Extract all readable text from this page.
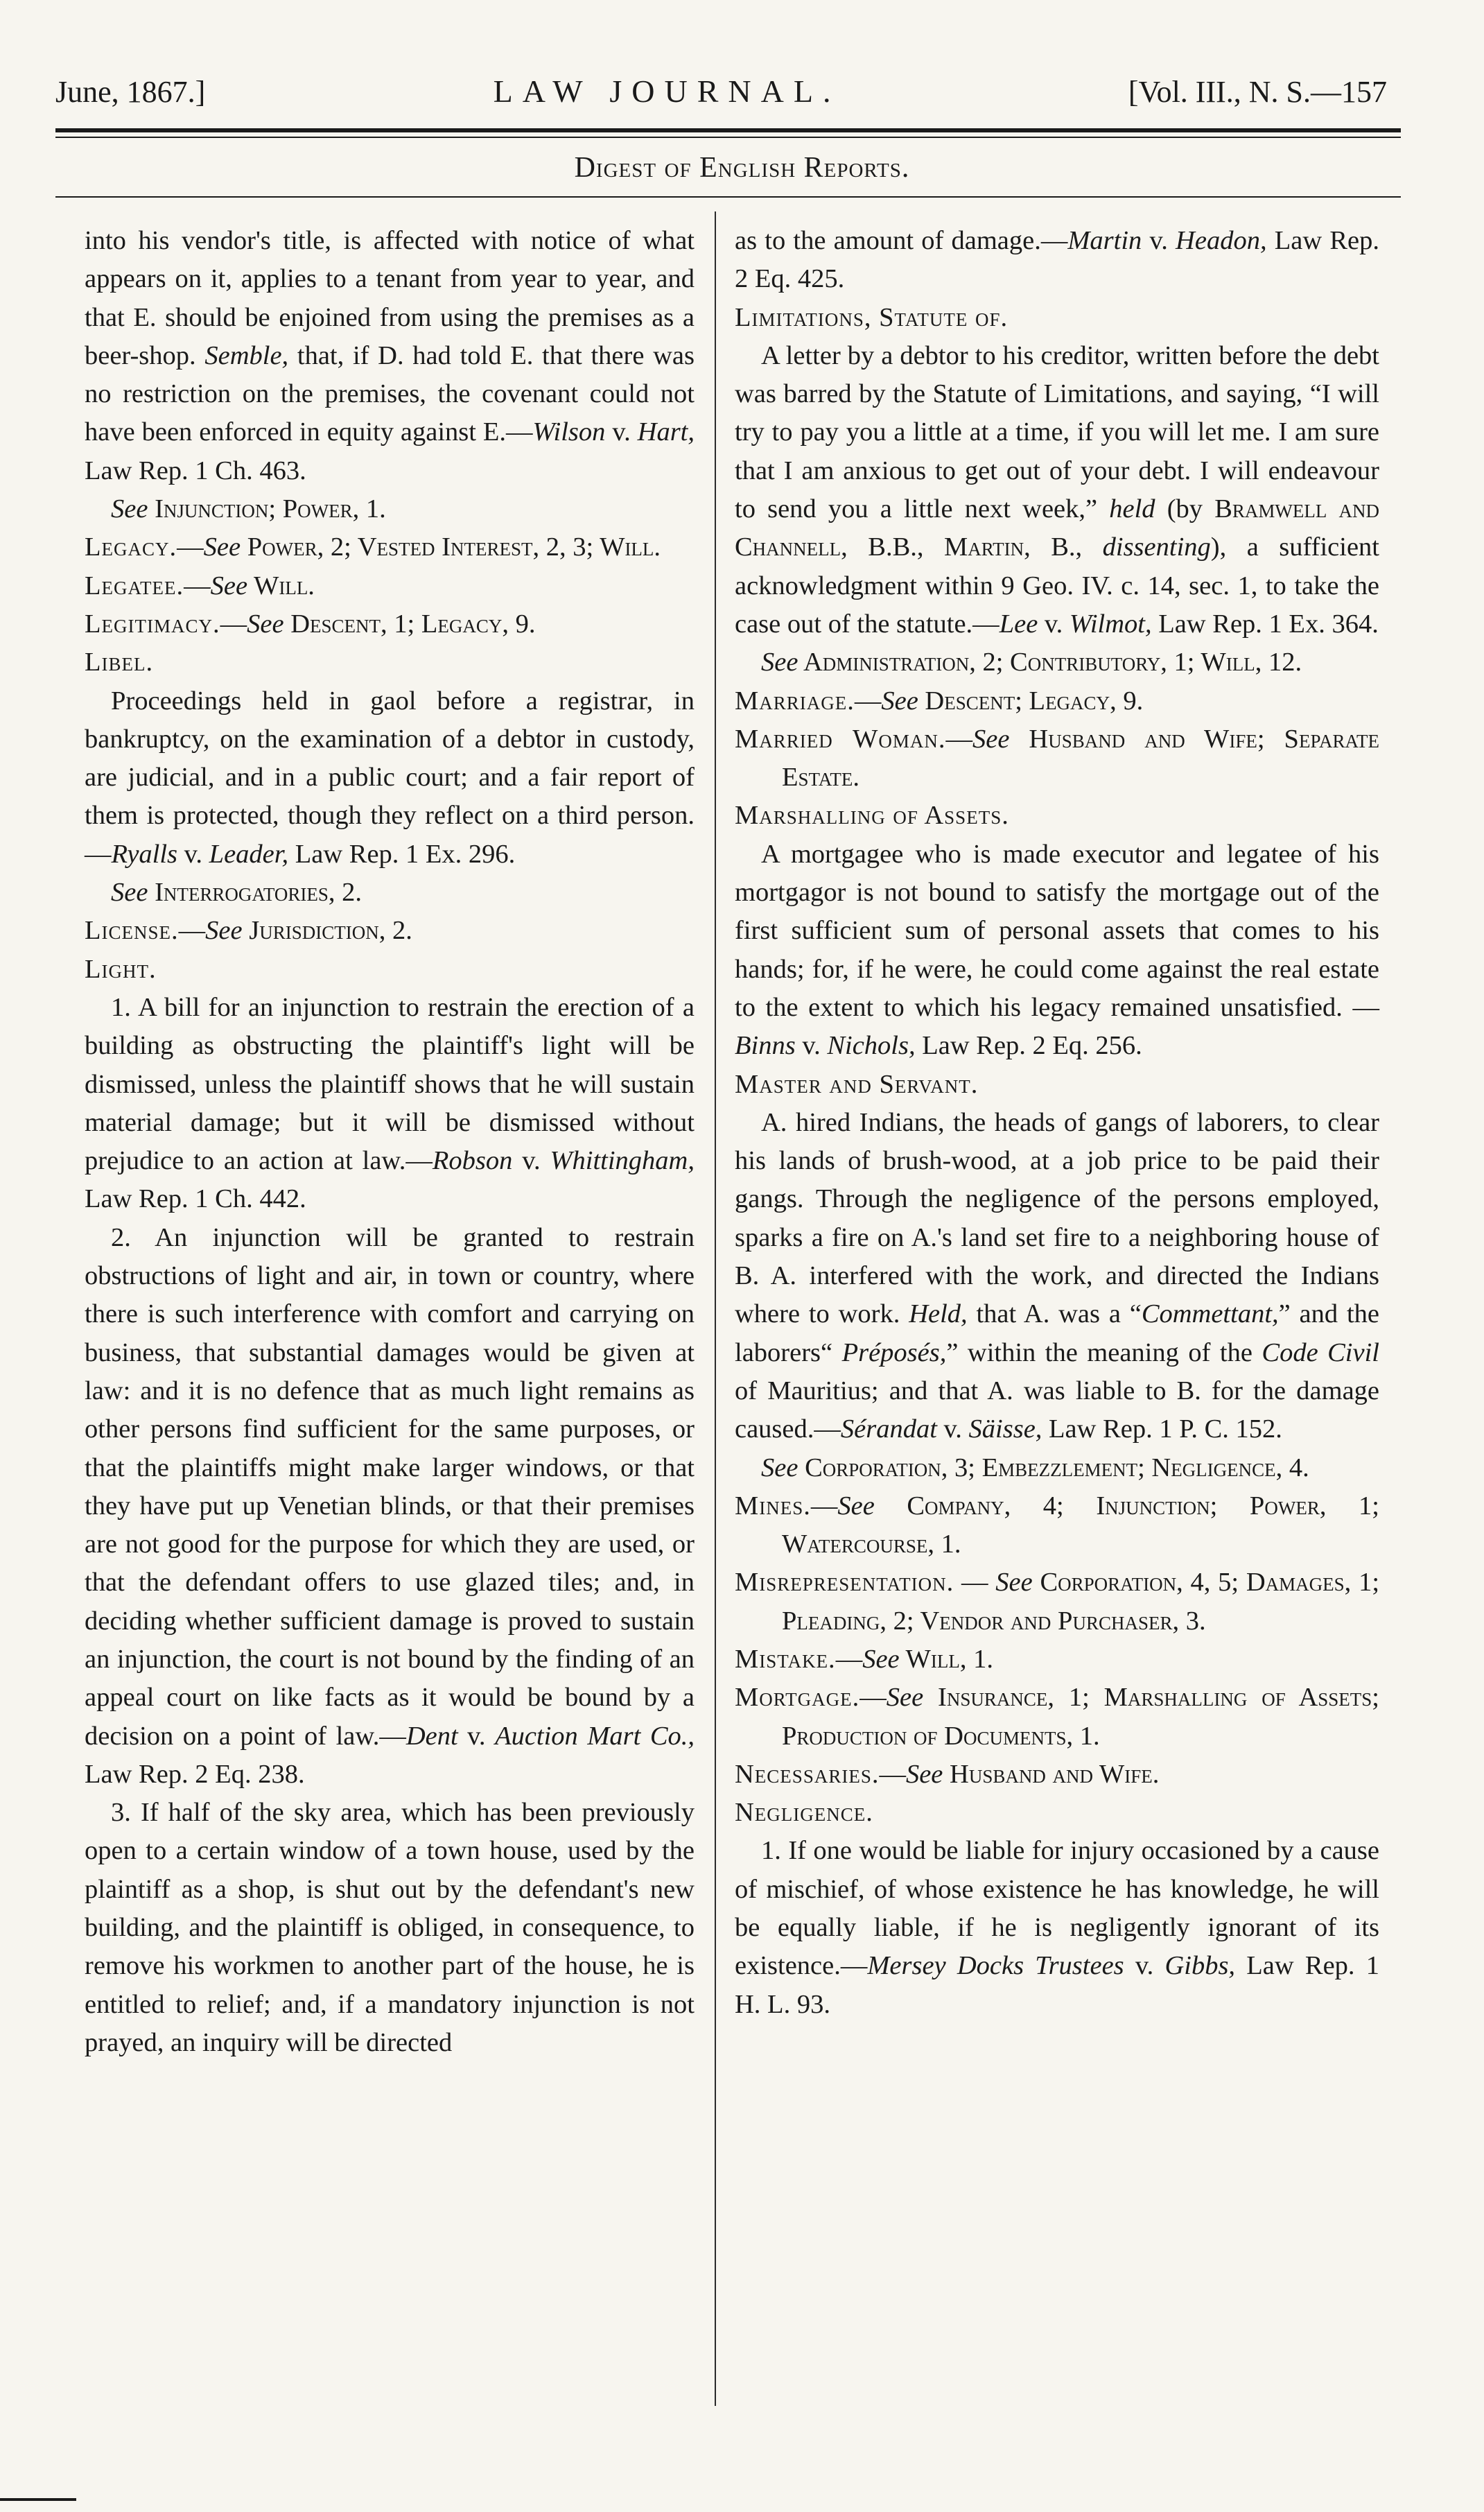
June, 1867.]	LAW JOURNAL.	[Vol. III., N. S.—157
Digest of English Reports.

into his vendor's title, is affected with notice of what appears on it, applies to a tenant from year to year, and that E. should be enjoined from using the premises as a beer-shop. Semble, that, if D. had told E. that there was no restriction on the premises, the covenant could not have been enforced in equity against E.—Wilson v. Hart, Law Rep. 1 Ch. 463.

See Injunction; Power, 1.

Legacy.—See Power, 2; Vested Interest, 2, 3; Will.

Legatee.—See Will.

Legitimacy.—See Descent, 1; Legacy, 9.

Libel.

Proceedings held in gaol before a registrar, in bankruptcy, on the examination of a debtor in custody, are judicial, and in a public court; and a fair report of them is protected, though they reflect on a third person.—Ryalls v. Leader, Law Rep. 1 Ex. 296.

See Interrogatories, 2.

License.—See Jurisdiction, 2.

Light.

1. A bill for an injunction to restrain the erection of a building as obstructing the plaintiff's light will be dismissed, unless the plaintiff shows that he will sustain material damage; but it will be dismissed without prejudice to an action at law.—Robson v. Whittingham, Law Rep. 1 Ch. 442.

2. An injunction will be granted to restrain obstructions of light and air, in town or country, where there is such interference with comfort and carrying on business, that substantial damages would be given at law: and it is no defence that as much light remains as other persons find sufficient for the same purposes, or that the plaintiffs might make larger windows, or that they have put up Venetian blinds, or that their premises are not good for the purpose for which they are used, or that the defendant offers to use glazed tiles; and, in deciding whether sufficient damage is proved to sustain an injunction, the court is not bound by the finding of an appeal court on like facts as it would be bound by a decision on a point of law.—Dent v. Auction Mart Co., Law Rep. 2 Eq. 238.

3. If half of the sky area, which has been previously open to a certain window of a town house, used by the plaintiff as a shop, is shut out by the defendant's new building, and the plaintiff is obliged, in consequence, to remove his workmen to another part of the house, he is entitled to relief; and, if a mandatory injunction is not prayed, an inquiry will be directed

as to the amount of damage.—Martin v. Headon, Law Rep. 2 Eq. 425.

Limitations, Statute of.

A letter by a debtor to his creditor, written before the debt was barred by the Statute of Limitations, and saying, “I will try to pay you a little at a time, if you will let me. I am sure that I am anxious to get out of your debt. I will endeavour to send you a little next week,” held (by Bramwell and Channell, B.B., Martin, B., dissenting), a sufficient acknowledgment within 9 Geo. IV. c. 14, sec. 1, to take the case out of the statute.—Lee v. Wilmot, Law Rep. 1 Ex. 364.

See Administration, 2; Contributory, 1; Will, 12.

Marriage.—See Descent; Legacy, 9.

Married Woman.—See Husband and Wife; Separate Estate.

Marshalling of Assets.

A mortgagee who is made executor and legatee of his mortgagor is not bound to satisfy the mortgage out of the first sufficient sum of personal assets that comes to his hands; for, if he were, he could come against the real estate to the extent to which his legacy remained unsatisfied. —Binns v. Nichols, Law Rep. 2 Eq. 256.

Master and Servant.

A. hired Indians, the heads of gangs of laborers, to clear his lands of brush-wood, at a job price to be paid their gangs. Through the negligence of the persons employed, sparks a fire on A.'s land set fire to a neighboring house of B. A. interfered with the work, and directed the Indians where to work. Held, that A. was a “Commettant,” and the laborers“ Préposés,” within the meaning of the Code Civil of Mauritius; and that A. was liable to B. for the damage caused.—Sérandat v. Säisse, Law Rep. 1 P. C. 152.

See Corporation, 3; Embezzlement; Negligence, 4.

Mines.—See Company, 4; Injunction; Power, 1; Watercourse, 1.

Misrepresentation. — See Corporation, 4, 5; Damages, 1; Pleading, 2; Vendor and Purchaser, 3.

Mistake.—See Will, 1.

Mortgage.—See Insurance, 1; Marshalling of Assets; Production of Documents, 1.

Necessaries.—See Husband and Wife.

Negligence.

1. If one would be liable for injury occasioned by a cause of mischief, of whose existence he has knowledge, he will be equally liable, if he is negligently ignorant of its existence.—Mersey Docks Trustees v. Gibbs, Law Rep. 1 H. L. 93.
